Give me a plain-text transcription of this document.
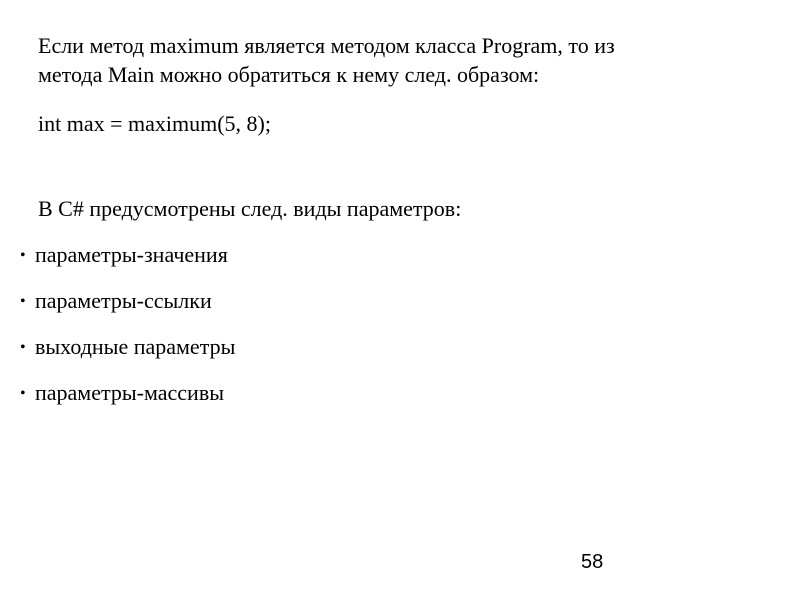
Если метод maximum является методом класса Program, то из
метода Main можно обратиться к нему след. образом:
int max = maximum(5, 8);
В C# предусмотрены след. виды параметров:
• параметры-значения
• параметры-ссылки
• выходные параметры
• параметры-массивы
58
